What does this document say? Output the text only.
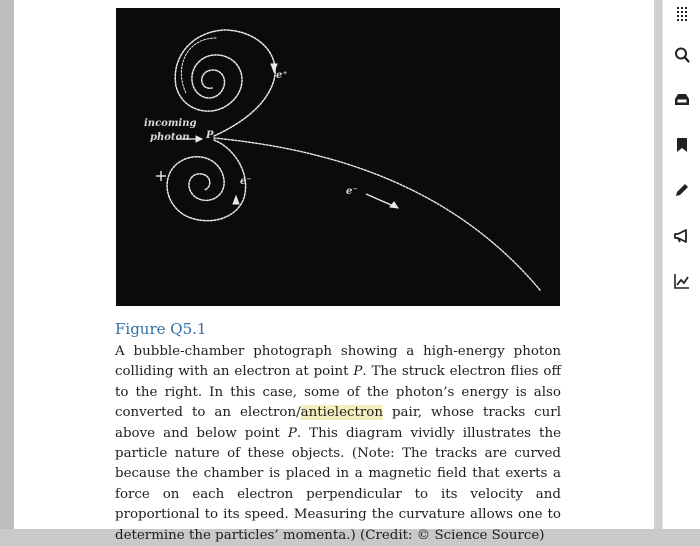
incoming
photon P
e⁺
e⁻
e⁻
Figure Q5.1
A bubble-chamber photograph showing a high-energy photon colliding with an electron at point P. The struck electron flies off to the right. In this case, some of the photon’s energy is also converted to an electron/antielectron pair, whose tracks curl above and below point P. This diagram vividly illustrates the particle nature of these objects. (Note: The tracks are curved because the chamber is placed in a magnetic field that exerts a force on each electron perpendicular to its velocity and proportional to its speed. Measuring the curvature allows one to determine the particles’ momenta.) (Credit: © Science Source)
